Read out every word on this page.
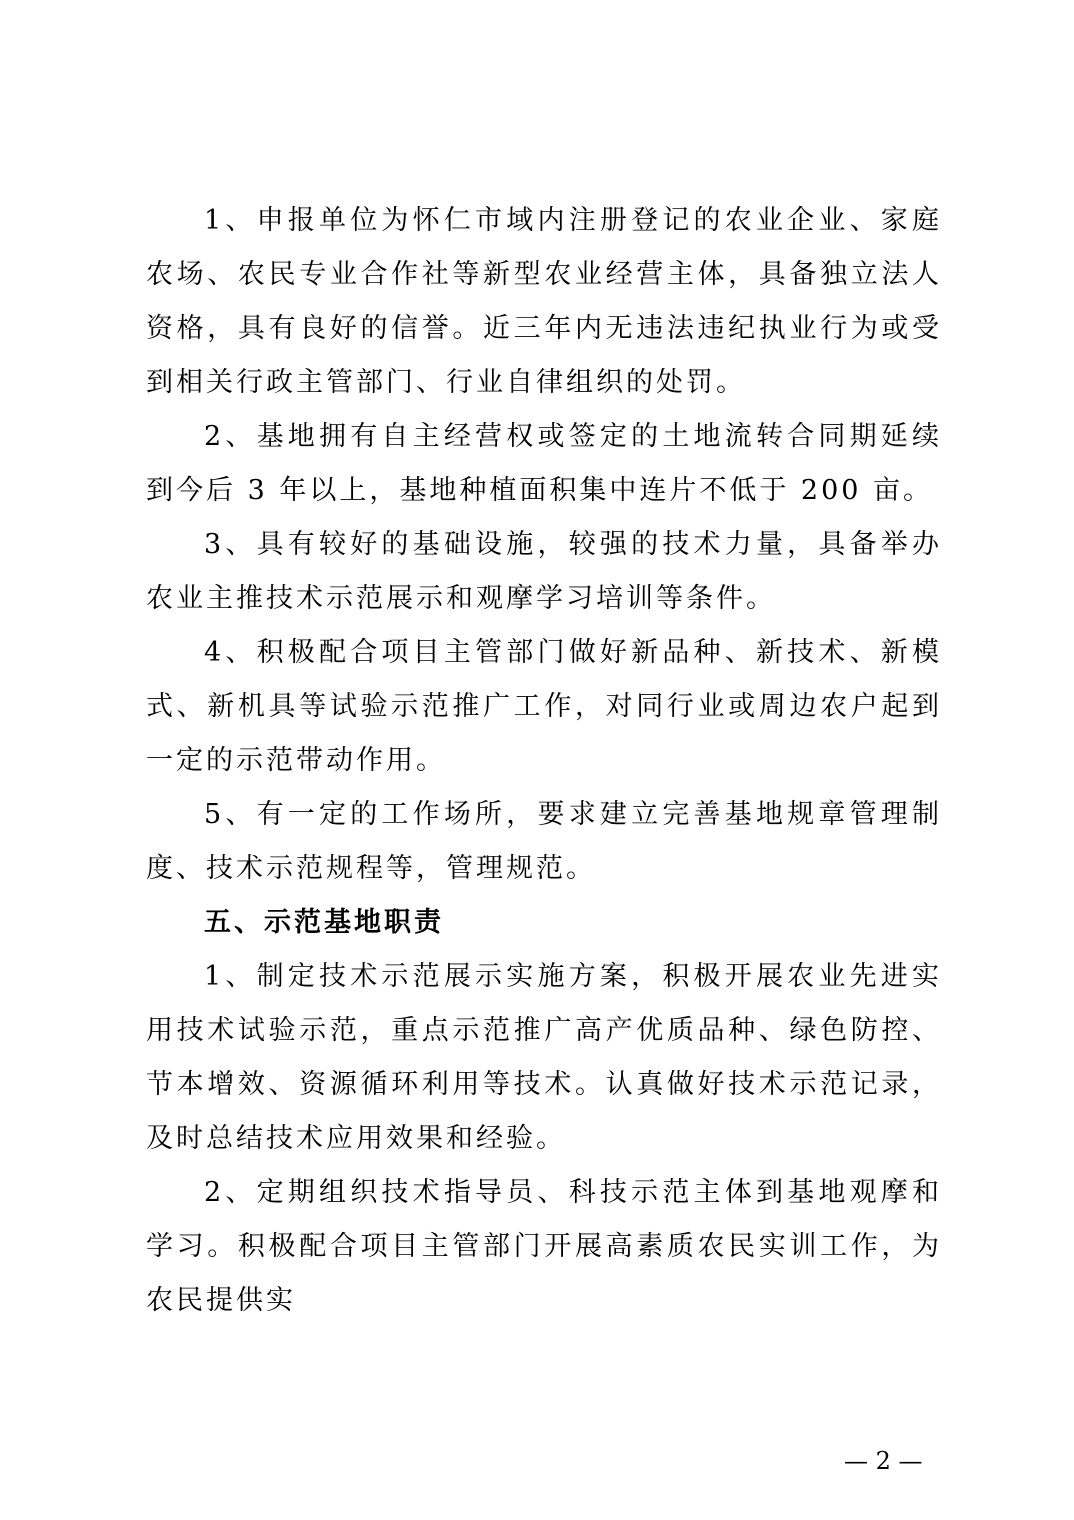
1、申报单位为怀仁市域内注册登记的农业企业、家庭农场、农民专业合作社等新型农业经营主体，具备独立法人资格，具有良好的信誉。近三年内无违法违纪执业行为或受到相关行政主管部门、行业自律组织的处罚。

2、基地拥有自主经营权或签定的土地流转合同期延续到今后 3 年以上，基地种植面积集中连片不低于 200 亩。

3、具有较好的基础设施，较强的技术力量，具备举办农业主推技术示范展示和观摩学习培训等条件。

4、积极配合项目主管部门做好新品种、新技术、新模式、新机具等试验示范推广工作，对同行业或周边农户起到一定的示范带动作用。

5、有一定的工作场所，要求建立完善基地规章管理制度、技术示范规程等，管理规范。

五、示范基地职责

1、制定技术示范展示实施方案，积极开展农业先进实用技术试验示范，重点示范推广高产优质品种、绿色防控、节本增效、资源循环利用等技术。认真做好技术示范记录，及时总结技术应用效果和经验。

2、定期组织技术指导员、科技示范主体到基地观摩和学习。积极配合项目主管部门开展高素质农民实训工作，为农民提供实

— 2 —
